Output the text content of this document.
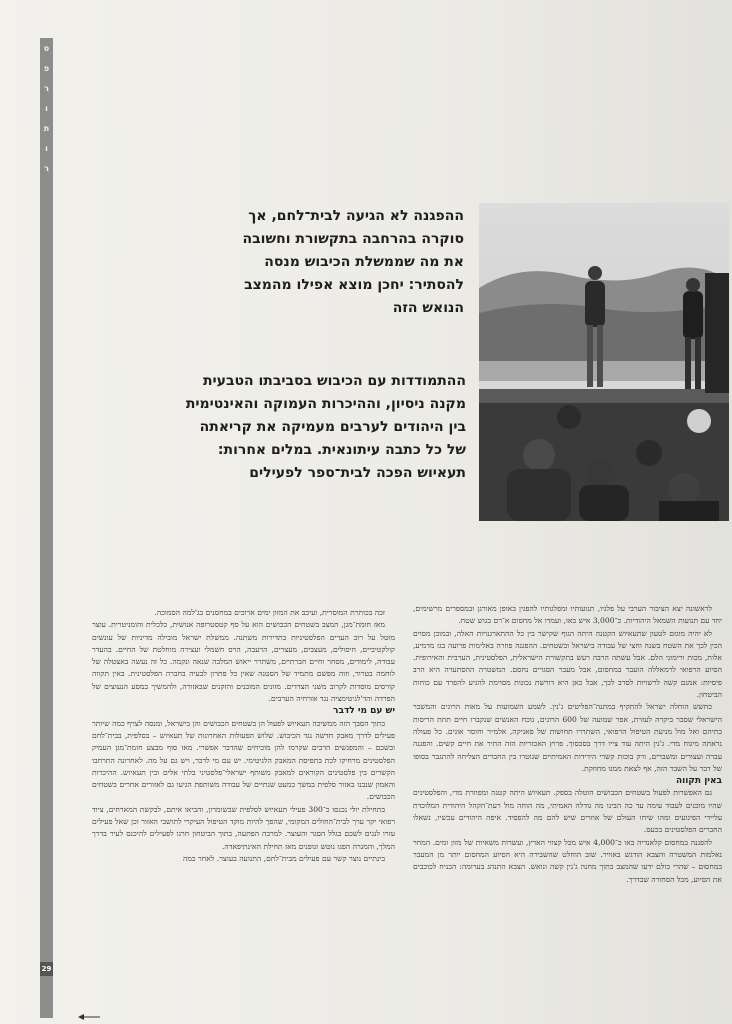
ס
פ
ר
ו
ת
ו
ר
29
ההפגנה לא הגיעה לבית־לחם, אך סוקרה בהרחבה בתקשורת וחשובה את מה שממשלת הכיבוש מנסה להסתיר: יחכן מוצא אפילו מהמצב הנואש הזה
ההתמודדות עם הכיבוש בסביבתו הטבעית מקנה ניסיון, וההיכרות העמוקה והאינטימית בין היהודים לערבים מעמיקה את קריאתה של כל כתבה עיתונאית. במלים אחרות: תעאיוש הפכה לבית־ספר לפעילים

לראשונה יצא הציבור הערבי על פלגיו, תנועותיו ומפלגותיו להפגין באופן מאורגן ובמספרים מרשימים, יחד עם תנועות השמאל היהודיות. כ־3,000 איש באו, ועמדו אל מחסום א־רם בגוש שטח.

לא יהיה מוגזם לטעון שתעאיוש הקטנה היתה הגוף שקישר בין כל ההתארגנויות האלה, ובמובן מסוים הכין לכך את השטח בשנה וחצי של עבודה בישראל ובשטחים. ההפגנה פוזרה באלימות פרועה בגז מדמיע, אלות, מכות ורימוני הלם. אבל עשתה הרבה רעש בתקשורת הישראלית, הפלסטינית, הערבית והאירופית. הסיוע הרפואי לרמאללה הועבר במחסום, אבל מעבר הסגרים נחסם. המשטרה ההסתערה היא הרב פיסיות: אמנם קשה לרשויות לסרב לכך, אבל כאן היא דורשת נכונות מסוימת להגיע להפרד עם כוחות הביטחון.

כחשש הוחלה ישראל להתקיף במתנה־הפליטים ג'נין. לשמע השמועות על מאות הרוגים והמשבר הישראלי שסבר ביקרה לעזרת, אפר שמועה של 600 הרוגים, נוכח האנשים שנקברו חיים תחת הריסות בתיהם ואל מול מניעת הטיפול הרפואי, השתררו תחושות של פאניקה, אלמ״ר וחוסר אונים. כל פעולה נראתה מיגוח מדי. ג'נין היתה עוד צייו דרך בסכסוך. פרוץ האכזריות הזה התיר את חיים קשים. והפגנה עברה ועצורים ומשברים, ורק בוכות קשרי הידידות האמיתיים שגוטרו בין החברים הצליחה להתגבר בסופו של דבר על השבר הזה, אף לצאת ממנו מחוזקת.

באין תקווה

גם האפשרות לפעול בשטחים הכבושים הוטלה בספק. תעאיוש היתה קטנה ומפוזרת מדי, והפלסטינים שהיו מוכנים לעבוד עימה עד כה הבינו מה גודלה האמיתי, מה הוחה מול רעת־הקהל היהודית המלוכדת עליידי הפיגועים ומהו שיחו העולם של אוזרים שיש להם מה להפסיד. איפה היהודים עכשיו, נשאלו החברים הפלסטינים בכעס.

להפגנה במחסום קלאנדיה באו כ־4,000 איש מכל קצווי הארץ, ועשרות משאיות של מזון ומים. המחר נאלמות המשטרה והצבא הודגש באוויר. שוב הוחלט שהשבירה היא הסיוע המחסום יותר מן המעבר במחסום – שהרי כולם ידעו שהמצב בתוך מחנה ג'נין קשה ונואש. הצבא התנהג בערומה: הכניח לכוכבים את הסיוע, מכל הסחורה שבדרך.

זכה בכותרת המוסרית, ועיכב את המזון ימים ארוכים במחסנים בג'למה הסמוכה.

מאז חומת־מגן, המצב בשטחים הכבושים הוא על סף קטסטרופה אנושית, כלכלית והומניטרית. עוצר מוטל על רוב הערים הפלסטיניות בתדירות משתנה. ממשלת ישראל מובילה מדיניות של עונשים קולקטיביים, חיסולים, מעצבים, מעצרים, הרעבה, הרס חשמלי ועצירה מוחלטת של החיים. בהעדר עבודה, לימודים, מסחר וחיים חברתיים, משתרר ייאוש המלבה שנאה ונקמה. כל זה נעשה באצטלה של לוחמה בטרור, וזוה מפשם מתמיד של הסטנה שאין כל פתרון לבעיה בחברה הפלסטינית. באין תקווה קורסים מוסדות לקרוב משני הצדדים. מזונים המובנים והזקנים שבאזורה, ולהמשיך במסע הנעוצים של הפרדה והד'לגיטימציה נגד אזרחיה הערבים.

יש עם מי לדבר

בתוך הסבך הזה ממשיכה תעאיוש לפעול הן בשטחים הכבושים והן בישראל, ומנסה לצרף כמה שיותר פעילים לדרך מאבק חדשה נגד הכיבוש. שלוש הפעולות האחרונות של תעאיוש – בסלפית, בבית־לחם ובשכם – והמפגשים הרבים שקרמו להן מוכיחים שהדבר אפשרי. מאז סוף מבצע חומת־מגן העמיק הפלסטינים מרחיקו לכת בתפיסת המאבק הלגיטימי. יש עם מי לדבר, ויש גם על מה. לאחרונה התרחבו הקשרים בין פלסטינים הקוראים למאבק משותף ישראלי־פלסטיני בלתי אלים ובין תעאיוש. ההיכרות והאמון שנבנו באזור סלפית במשך כמעט שנתיים של עבודה משותפת הגיעו גם לאזורים אחרים בשטחים הכבושים.

בתחילת יולי נכנסו כ־300 פעילי תעאיוש לסלפית שבשומרון, והביאו איתם, לבקשת המארחים, ציוד רפואי יקר ערך לבית־החולים המקומי, שהפך להיות מוקד הטיפול העיקרי לתושבי האזור וכן שאל פעילים עזרו לנגים לשכם בגלל הסגר והעוצר. למרבה הפתעה, בתוך הביטחון חרגו לפעילים להיכנס לעיר בדרך המלך, והמגרה הפגו נוטש ונופנים מאז תחילת האינתיפאדה.

בינתיים נוצר קשר עם פעילים מבית־לחם, התנועה בעוצר. לאחר כמה
